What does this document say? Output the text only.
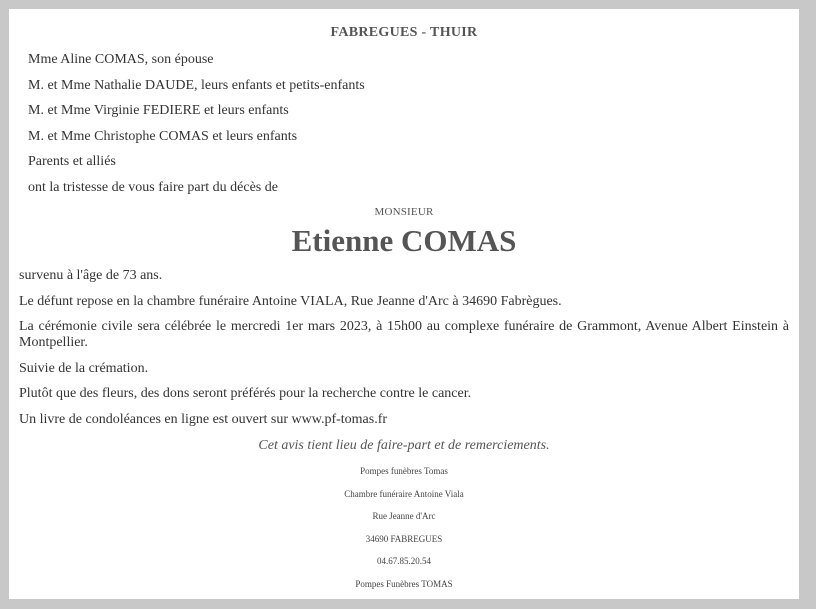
FABREGUES - THUIR
Mme Aline COMAS, son épouse
M. et Mme Nathalie DAUDE, leurs enfants et petits-enfants
M. et Mme Virginie FEDIERE et leurs enfants
M. et Mme Christophe COMAS et leurs enfants
Parents et alliés
ont la tristesse de vous faire part du décès de
MONSIEUR
Etienne COMAS

survenu à l'âge de 73 ans.

Le défunt repose en la chambre funéraire Antoine VIALA, Rue Jeanne d'Arc à 34690 Fabrègues.

La cérémonie civile sera célébrée le mercredi 1er mars 2023, à 15h00 au complexe funéraire de Grammont, Avenue Albert Einstein à Montpellier.

Suivie de la crémation.

Plutôt que des fleurs, des dons seront préférés pour la recherche contre le cancer.

Un livre de condoléances en ligne est ouvert sur www.pf-tomas.fr

Cet avis tient lieu de faire-part et de remerciements.
Pompes funèbres Tomas
Chambre funéraire Antoine Viala
Rue Jeanne d'Arc
34690 FABREGUES
04.67.85.20.54
Pompes Funèbres TOMAS
